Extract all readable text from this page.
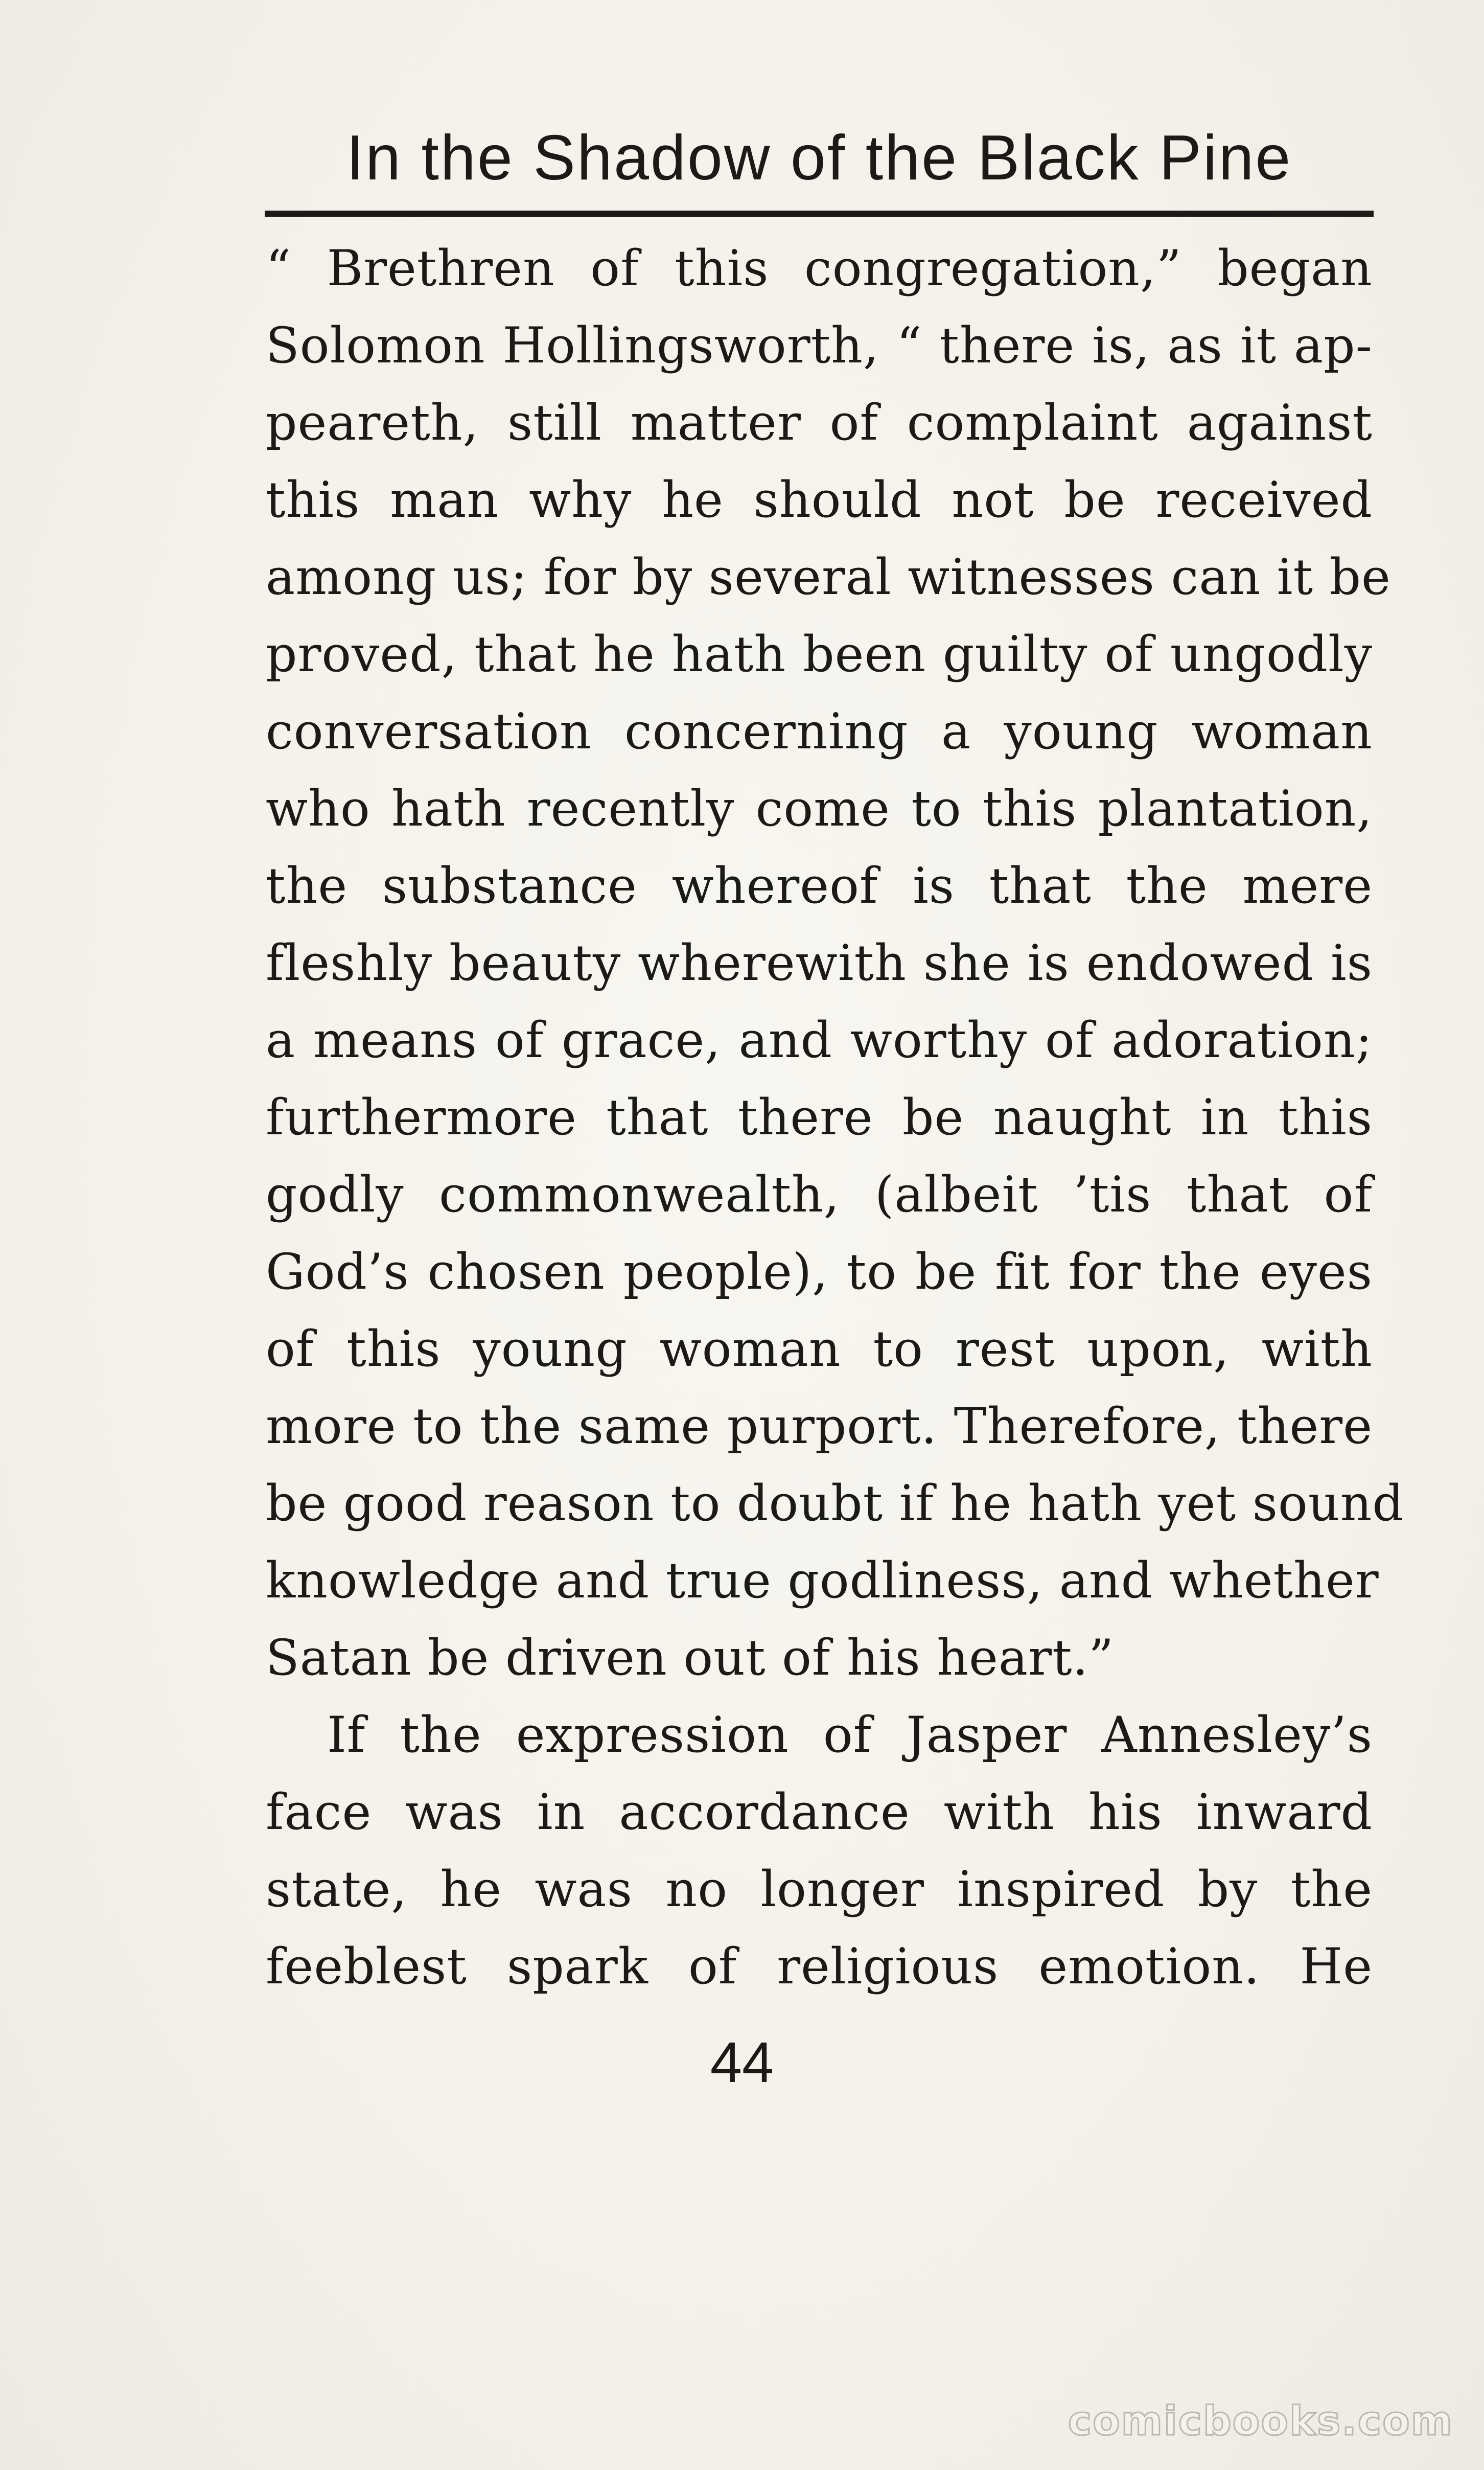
In the Shadow of the Black Pine
“ Brethren of this congregation,” began
Solomon Hollingsworth, “ there is, as it ap-
peareth, still matter of complaint against
this man why he should not be received
among us; for by several witnesses can it be
proved, that he hath been guilty of ungodly
conversation concerning a young woman
who hath recently come to this plantation,
the substance whereof is that the mere
fleshly beauty wherewith she is endowed is
a means of grace, and worthy of adoration;
furthermore that there be naught in this
godly commonwealth, (albeit ’tis that of
God’s chosen people), to be fit for the eyes
of this young woman to rest upon, with
more to the same purport. Therefore, there
be good reason to doubt if he hath yet sound
knowledge and true godliness, and whether
Satan be driven out of his heart.”
If the expression of Jasper Annesley’s
face was in accordance with his inward
state, he was no longer inspired by the
feeblest spark of religious emotion. He
44
comicbooks.com
